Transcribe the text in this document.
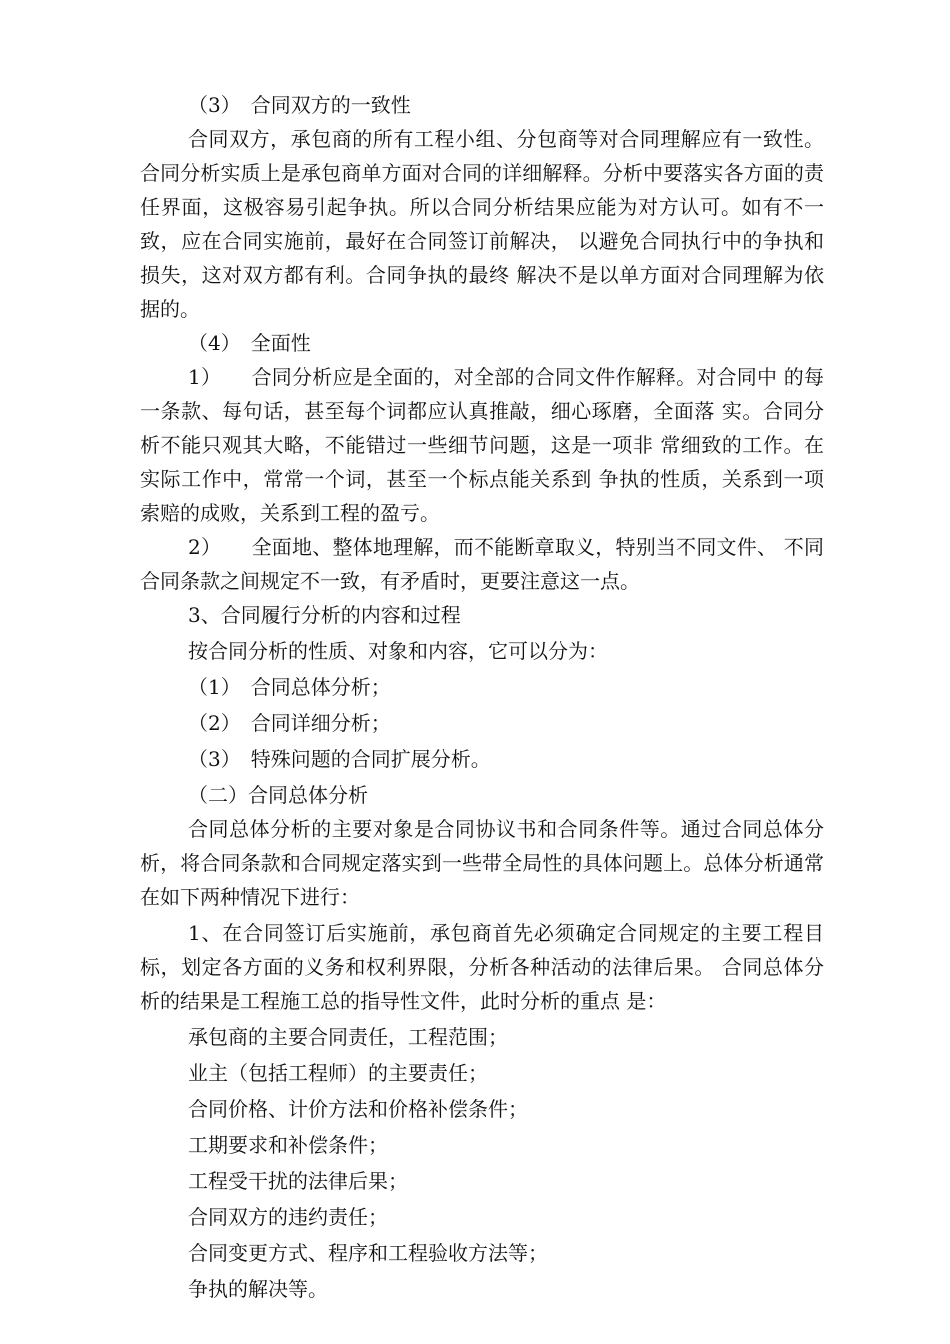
（3）　合同双方的一致性

合同双方，承包商的所有工程小组、分包商等对合同理解应有一致性。合同分析实质上是承包商单方面对合同的详细解释。分析中要落实各方面的责任界面，这极容易引起争执。所以合同分析结果应能为对方认可。如有不一致，应在合同实施前，最好在合同签订前解决， 以避免合同执行中的争执和损失，这对双方都有利。合同争执的最终 解决不是以单方面对合同理解为依据的。

（4）　全面性

1）　　合同分析应是全面的，对全部的合同文件作解释。对合同中 的每一条款、每句话，甚至每个词都应认真推敲，细心琢磨，全面落 实。合同分析不能只观其大略，不能错过一些细节问题，这是一项非 常细致的工作。在实际工作中，常常一个词，甚至一个标点能关系到 争执的性质，关系到一项索赔的成败，关系到工程的盈亏。

2）　　全面地、整体地理解，而不能断章取义，特别当不同文件、 不同合同条款之间规定不一致，有矛盾时，更要注意这一点。

3、合同履行分析的内容和过程

按合同分析的性质、对象和内容，它可以分为：

（1）　合同总体分析；

（2）　合同详细分析；

（3）　特殊问题的合同扩展分析。

（二）合同总体分析

合同总体分析的主要对象是合同协议书和合同条件等。通过合同总体分析，将合同条款和合同规定落实到一些带全局性的具体问题上。总体分析通常在如下两种情况下进行：

1、在合同签订后实施前，承包商首先必须确定合同规定的主要工程目标，划定各方面的义务和权利界限，分析各种活动的法律后果。 合同总体分析的结果是工程施工总的指导性文件，此时分析的重点 是：

承包商的主要合同责任，工程范围；

业主（包括工程师）的主要责任；

合同价格、计价方法和价格补偿条件；

工期要求和补偿条件；

工程受干扰的法律后果；

合同双方的违约责任；

合同变更方式、程序和工程验收方法等；

争执的解决等。
